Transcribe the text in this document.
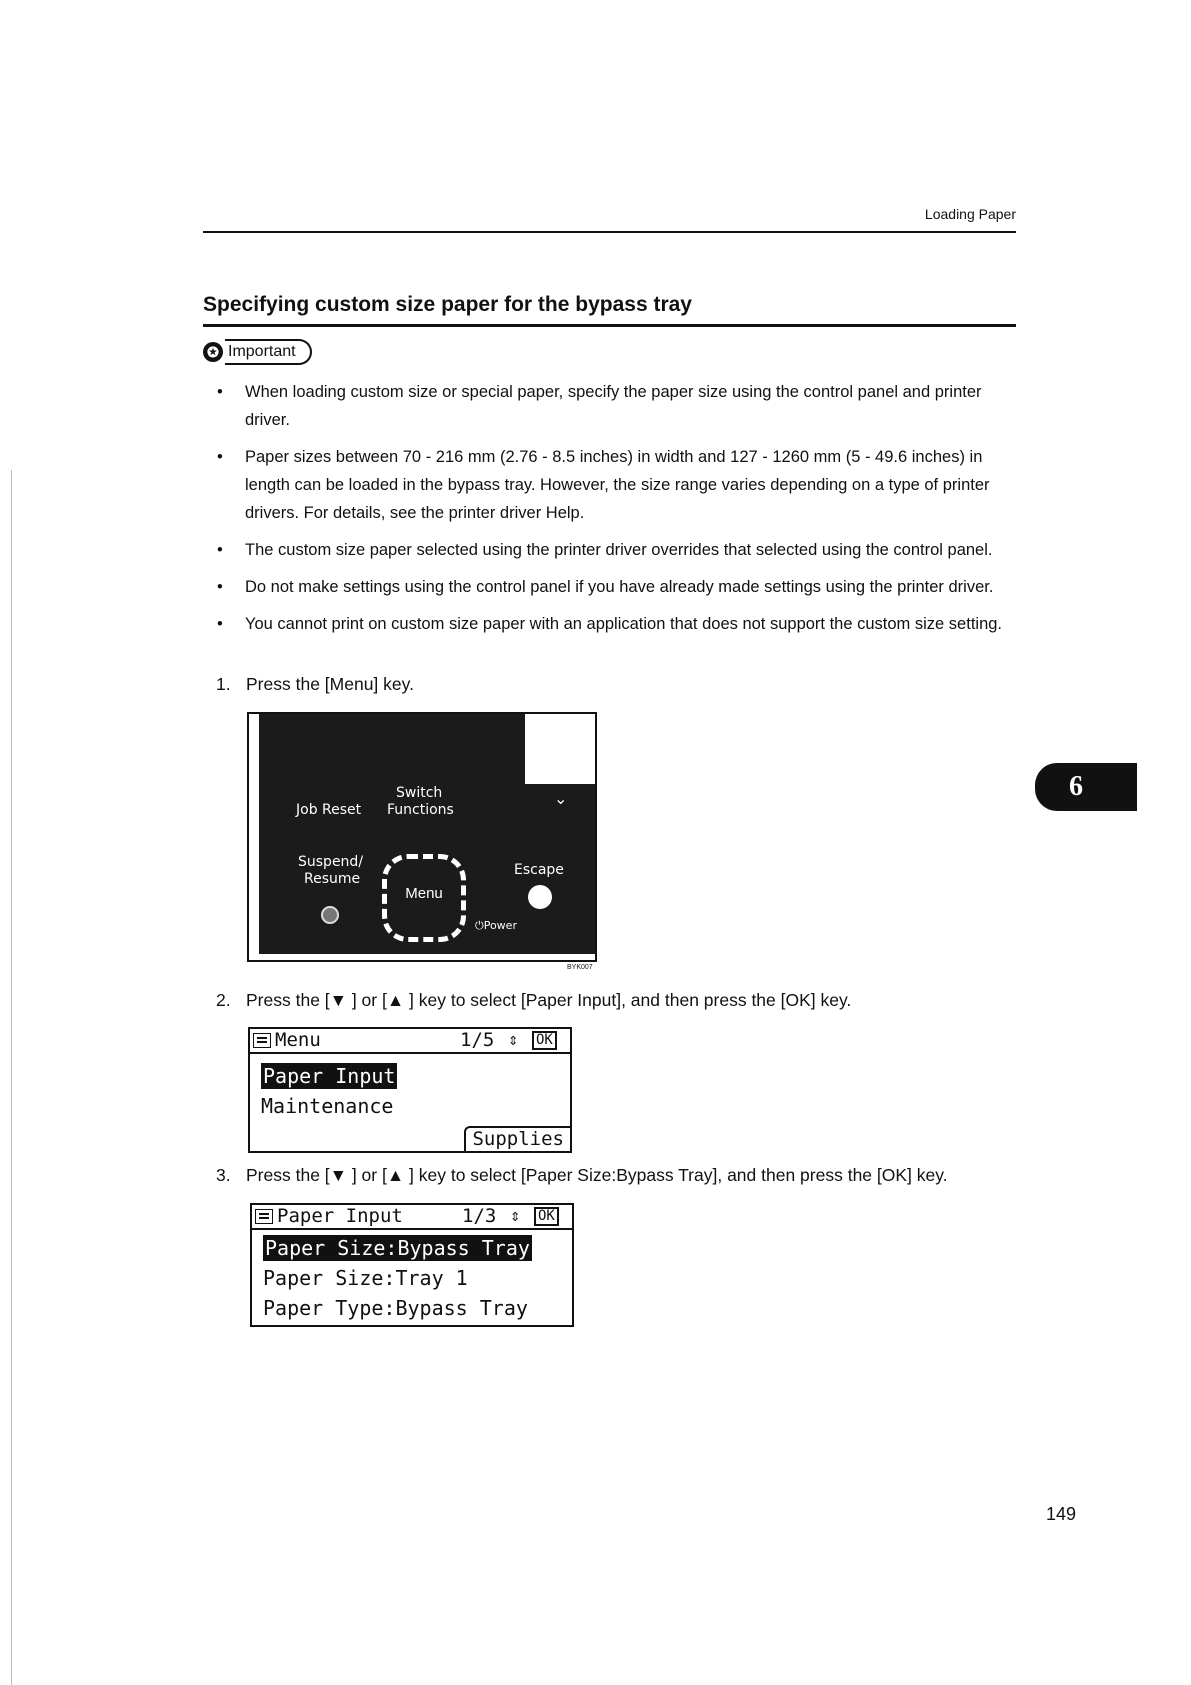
Loading Paper
Specifying custom size paper for the bypass tray
✪ Important
• When loading custom size or special paper, specify the paper size using the control panel and printer driver.
• Paper sizes between 70 - 216 mm (2.76 - 8.5 inches) in width and 127 - 1260 mm (5 - 49.6 inches) in length can be loaded in the bypass tray. However, the size range varies depending on a type of printer drivers. For details, see the printer driver Help.
• The custom size paper selected using the printer driver overrides that selected using the control panel.
• Do not make settings using the control panel if you have already made settings using the printer driver.
• You cannot print on custom size paper with an application that does not support the custom size setting.
1. Press the [Menu] key.
Switch
Functions
Job Reset
⌄
Suspend/
Resume
Menu
Escape
⏻Power
BYK007
2. Press the [▼ ] or [▲ ] key to select [Paper Input], and then press the [OK] key.
Menu	1/5 ⇕ OK
Paper Input
Maintenance
Supplies
3. Press the [▼ ] or [▲ ] key to select [Paper Size:Bypass Tray], and then press the [OK] key.
Paper Input	1/3 ⇕ OK
Paper Size:Bypass Tray
Paper Size:Tray 1
Paper Type:Bypass Tray
6
149
